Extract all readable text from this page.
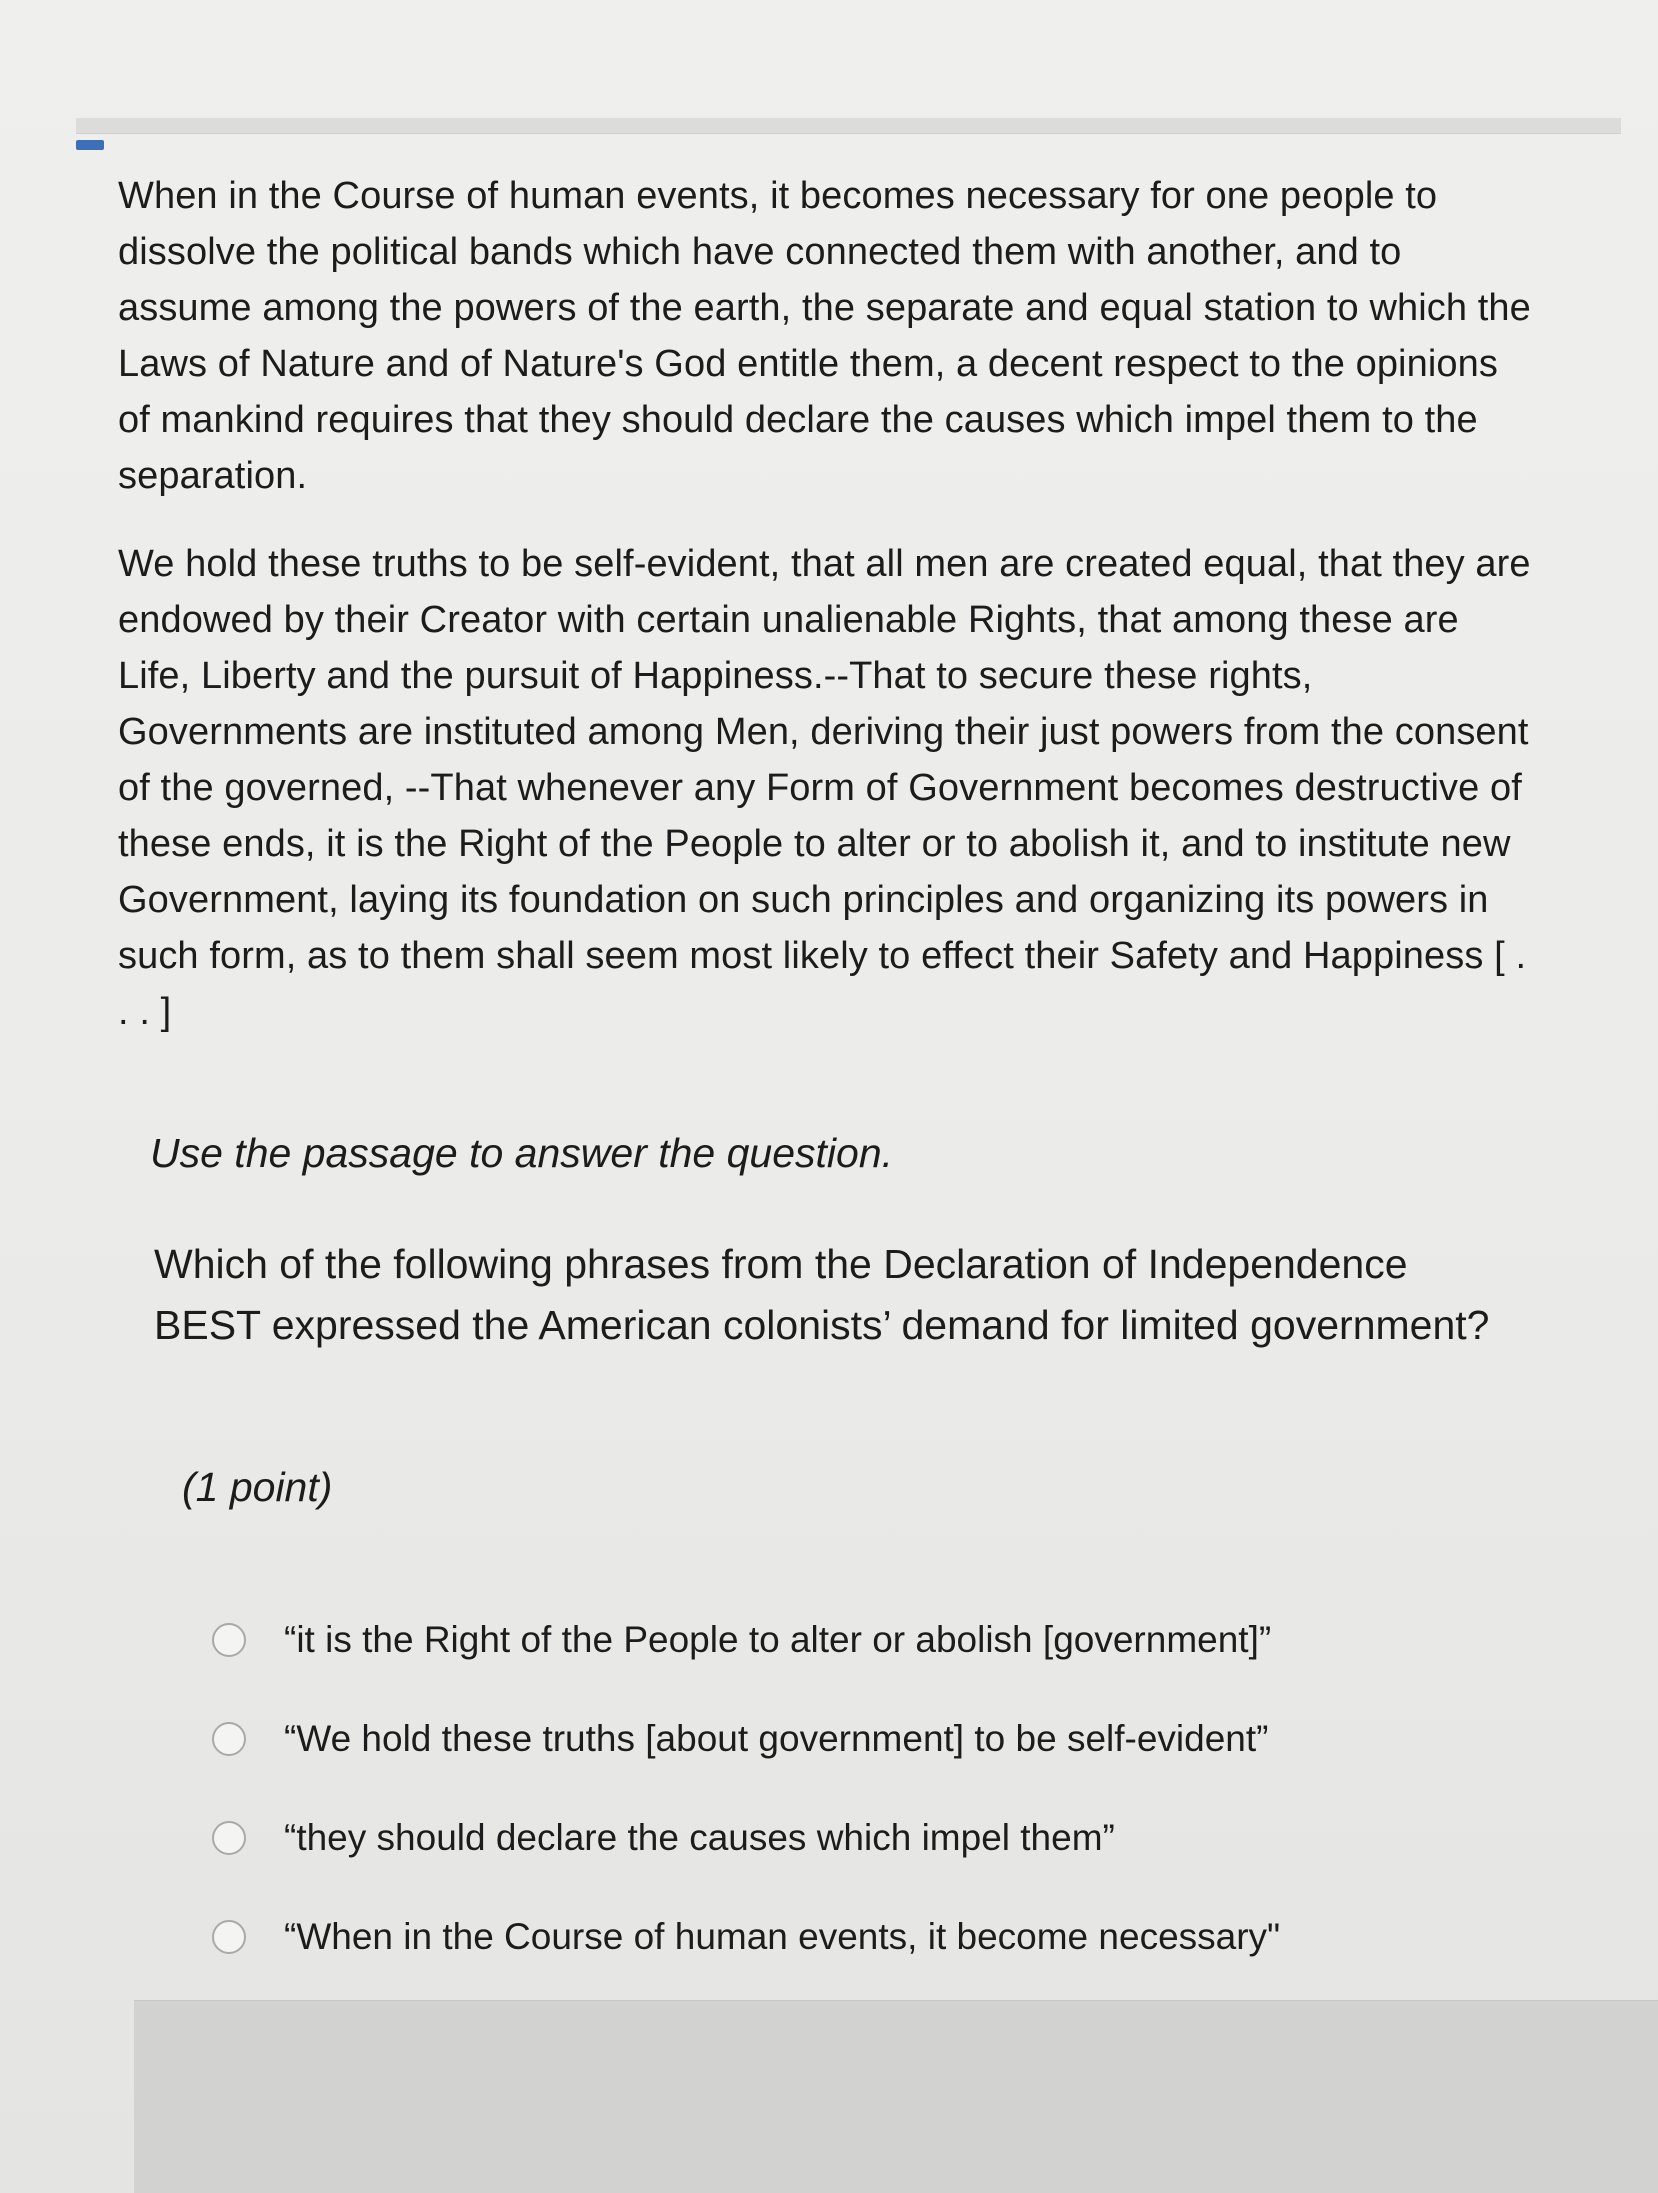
When in the Course of human events, it becomes necessary for one people to dissolve the political bands which have connected them with another, and to assume among the powers of the earth, the separate and equal station to which the Laws of Nature and of Nature's God entitle them, a decent respect to the opinions of mankind requires that they should declare the causes which impel them to the separation.

We hold these truths to be self-evident, that all men are created equal, that they are endowed by their Creator with certain unalienable Rights, that among these are Life, Liberty and the pursuit of Happiness.--That to secure these rights, Governments are instituted among Men, deriving their just powers from the consent of the governed, --That whenever any Form of Government becomes destructive of these ends, it is the Right of the People to alter or to abolish it, and to institute new Government, laying its foundation on such principles and organizing its powers in such form, as to them shall seem most likely to effect their Safety and Happiness [ . . . ]

Use the passage to answer the question.
Which of the following phrases from the Declaration of Independence BEST expressed the American colonists’ demand for limited government?
(1 point)
“it is the Right of the People to alter or abolish [government]”
“We hold these truths [about government] to be self-evident”
“they should declare the causes which impel them”
“When in the Course of human events, it become necessary"
